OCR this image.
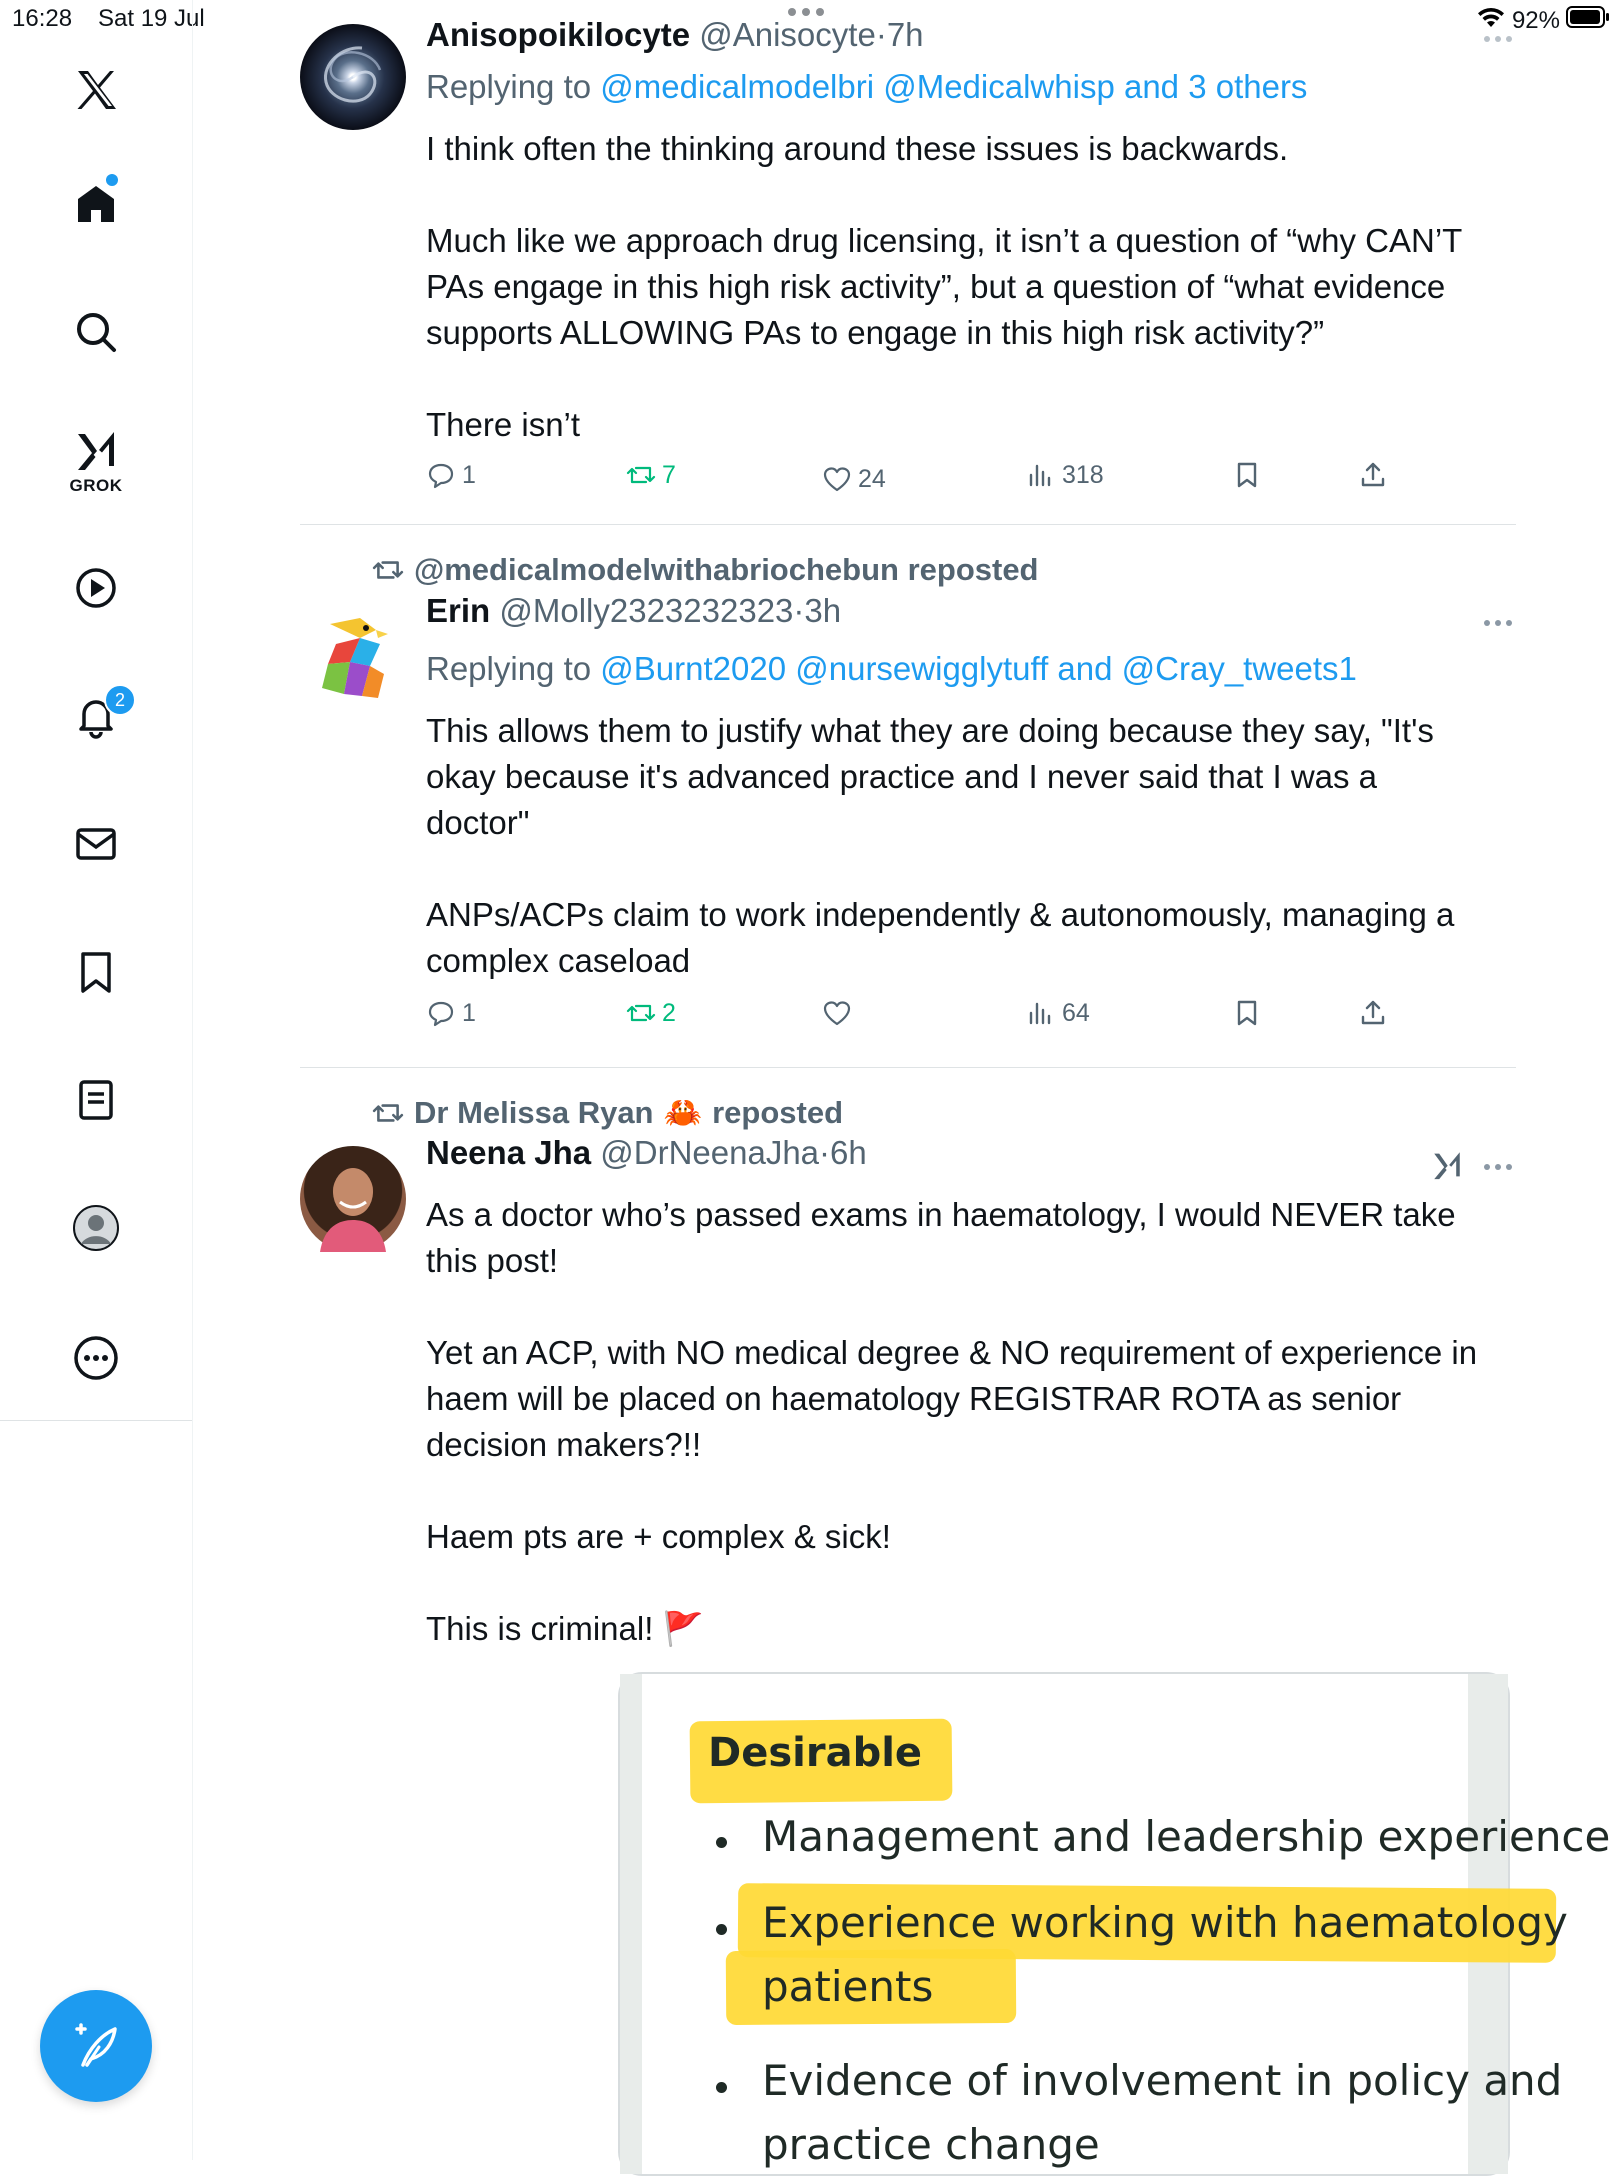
16:28 Sat 19 Jul	92%
GROK
2
Anisopoikilocyte @Anisocyte·7h
Replying to @medicalmodelbri @Medicalwhisp and 3 others
I think often the thinking around these issues is backwards.

Much like we approach drug licensing, it isn’t a question of “why CAN’T
PAs engage in this high risk activity”, but a question of “what evidence
supports ALLOWING PAs to engage in this high risk activity?”

There isn’t
1	7	24	318
@medicalmodelwithabriochebun reposted
Erin @Molly2323232323·3h
Replying to @Burnt2020 @nursewigglytuff and @Cray_tweets1
This allows them to justify what they are doing because they say, "It's
okay because it's advanced practice and I never said that I was a
doctor"

ANPs/ACPs claim to work independently & autonomously, managing a
complex caseload
1	2	64
Dr Melissa Ryan 🦀 reposted
Neena Jha @DrNeenaJha·6h
As a doctor who’s passed exams in haematology, I would NEVER take
this post!

Yet an ACP, with NO medical degree & NO requirement of experience in
haem will be placed on haematology REGISTRAR ROTA as senior
decision makers?!!

Haem pts are + complex & sick!

This is criminal! 🚩
Desirable
Management and leadership experience
Experience working with haematology
patients
Evidence of involvement in policy and
practice change
